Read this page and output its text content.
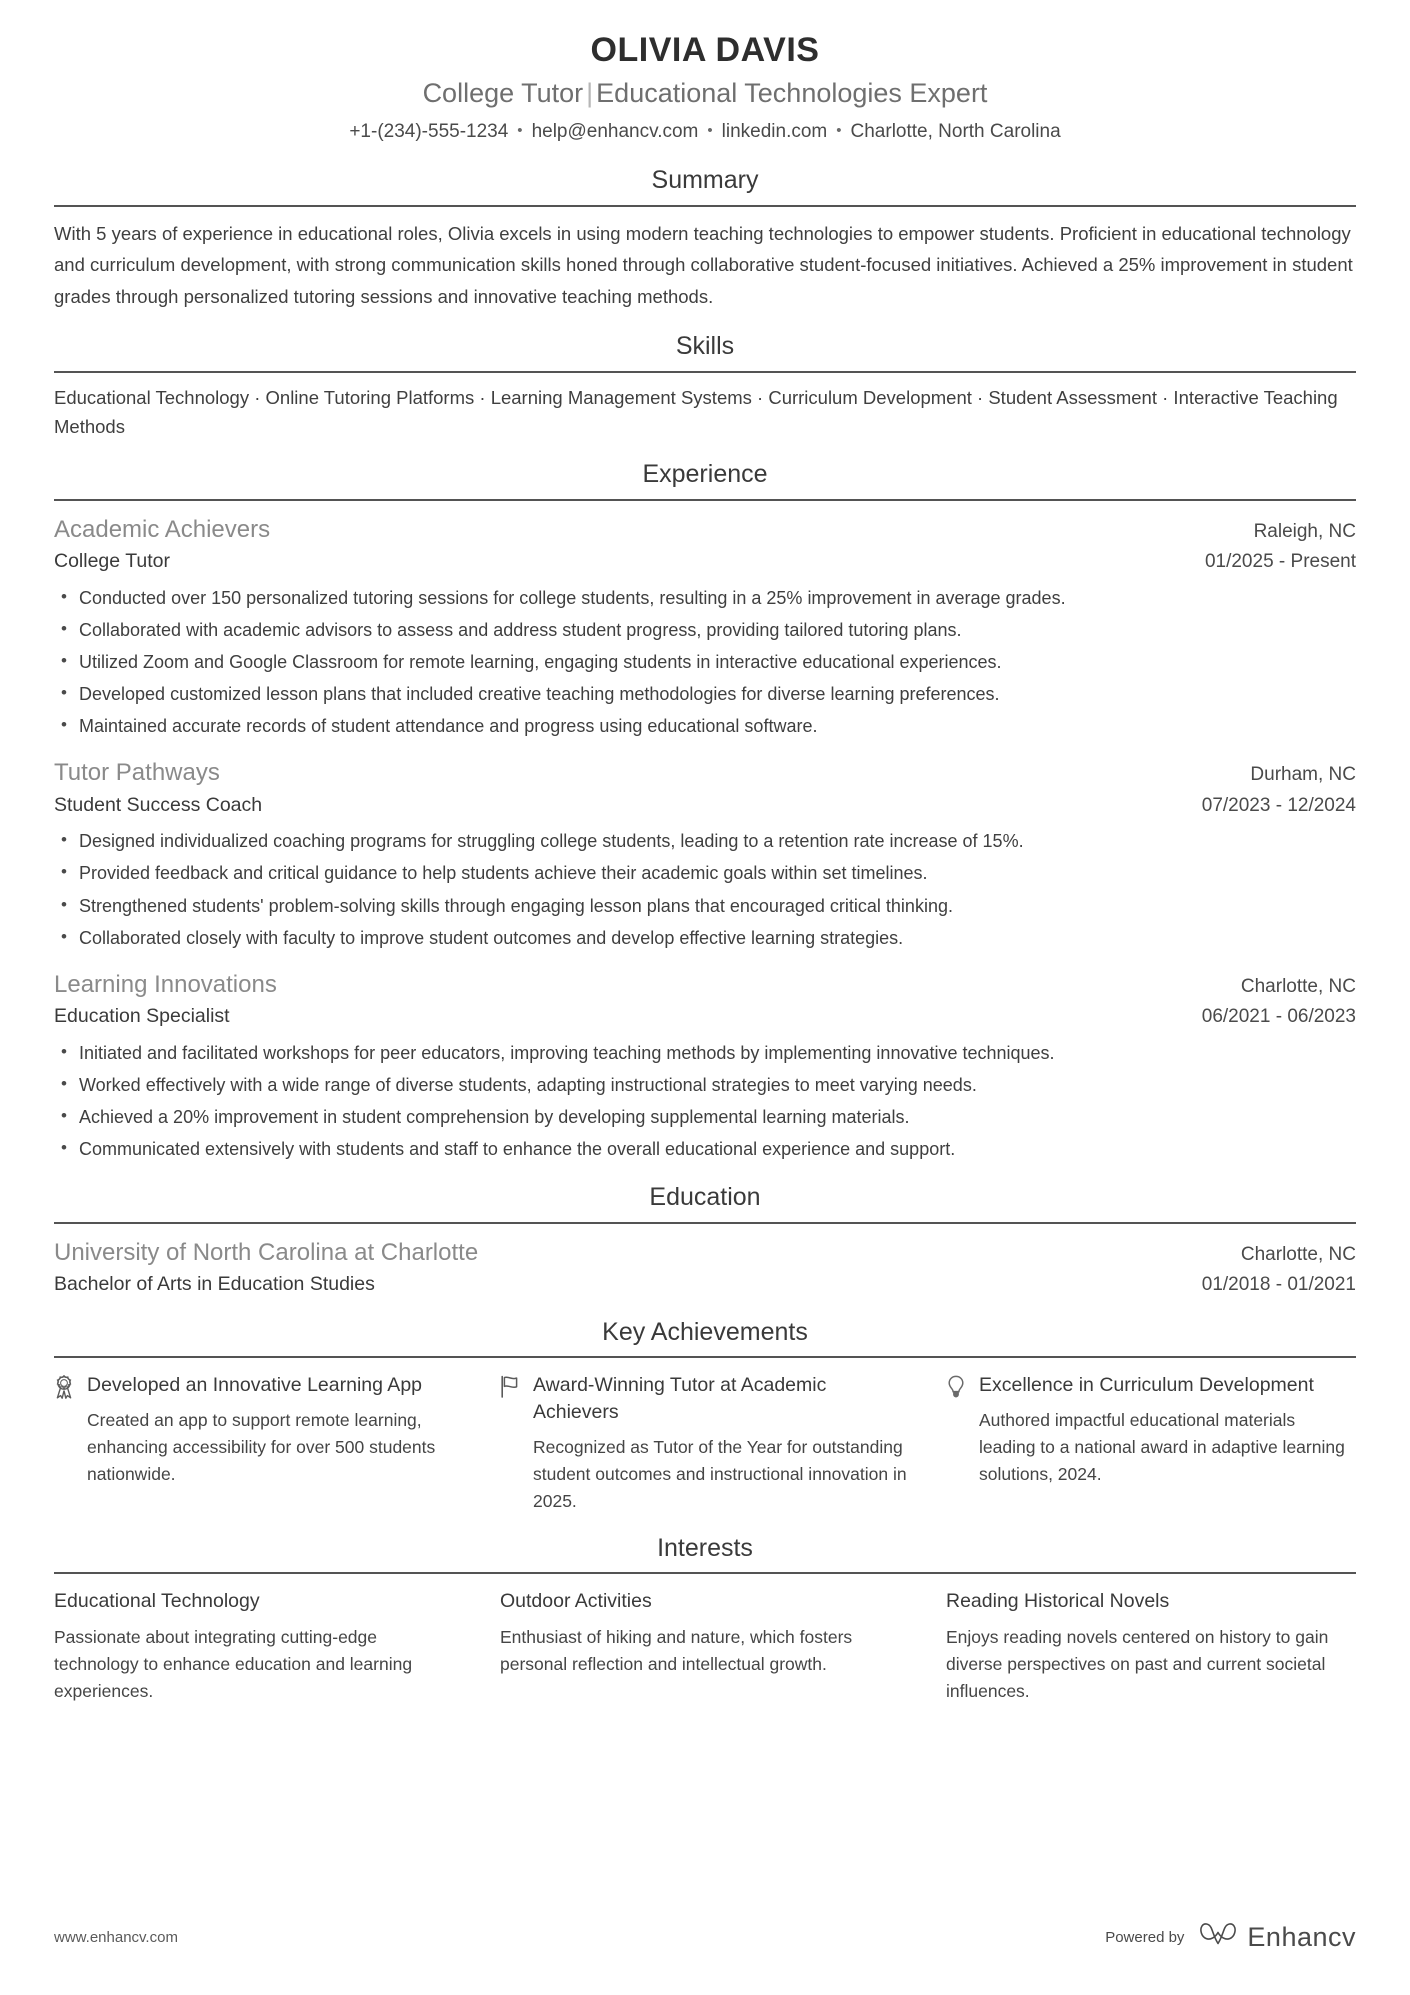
OLIVIA DAVIS
College Tutor | Educational Technologies Expert
+1-(234)-555-1234 • help@enhancv.com • linkedin.com • Charlotte, North Carolina
Summary
With 5 years of experience in educational roles, Olivia excels in using modern teaching technologies to empower students. Proficient in educational technology and curriculum development, with strong communication skills honed through collaborative student-focused initiatives. Achieved a 25% improvement in student grades through personalized tutoring sessions and innovative teaching methods.
Skills
Educational Technology · Online Tutoring Platforms · Learning Management Systems · Curriculum Development · Student Assessment · Interactive Teaching Methods
Experience
Academic Achievers	Raleigh, NC
College Tutor	01/2025 - Present
• Conducted over 150 personalized tutoring sessions for college students, resulting in a 25% improvement in average grades.
• Collaborated with academic advisors to assess and address student progress, providing tailored tutoring plans.
• Utilized Zoom and Google Classroom for remote learning, engaging students in interactive educational experiences.
• Developed customized lesson plans that included creative teaching methodologies for diverse learning preferences.
• Maintained accurate records of student attendance and progress using educational software.
Tutor Pathways	Durham, NC
Student Success Coach	07/2023 - 12/2024
• Designed individualized coaching programs for struggling college students, leading to a retention rate increase of 15%.
• Provided feedback and critical guidance to help students achieve their academic goals within set timelines.
• Strengthened students' problem-solving skills through engaging lesson plans that encouraged critical thinking.
• Collaborated closely with faculty to improve student outcomes and develop effective learning strategies.
Learning Innovations	Charlotte, NC
Education Specialist	06/2021 - 06/2023
• Initiated and facilitated workshops for peer educators, improving teaching methods by implementing innovative techniques.
• Worked effectively with a wide range of diverse students, adapting instructional strategies to meet varying needs.
• Achieved a 20% improvement in student comprehension by developing supplemental learning materials.
• Communicated extensively with students and staff to enhance the overall educational experience and support.
Education
University of North Carolina at Charlotte	Charlotte, NC
Bachelor of Arts in Education Studies	01/2018 - 01/2021
Key Achievements
Developed an Innovative Learning App
Created an app to support remote learning, enhancing accessibility for over 500 students nationwide.
Award-Winning Tutor at Academic Achievers
Recognized as Tutor of the Year for outstanding student outcomes and instructional innovation in 2025.
Excellence in Curriculum Development
Authored impactful educational materials leading to a national award in adaptive learning solutions, 2024.
Interests
Educational Technology
Passionate about integrating cutting-edge technology to enhance education and learning experiences.
Outdoor Activities
Enthusiast of hiking and nature, which fosters personal reflection and intellectual growth.
Reading Historical Novels
Enjoys reading novels centered on history to gain diverse perspectives on past and current societal influences.
www.enhancv.com	Powered by Enhancv
